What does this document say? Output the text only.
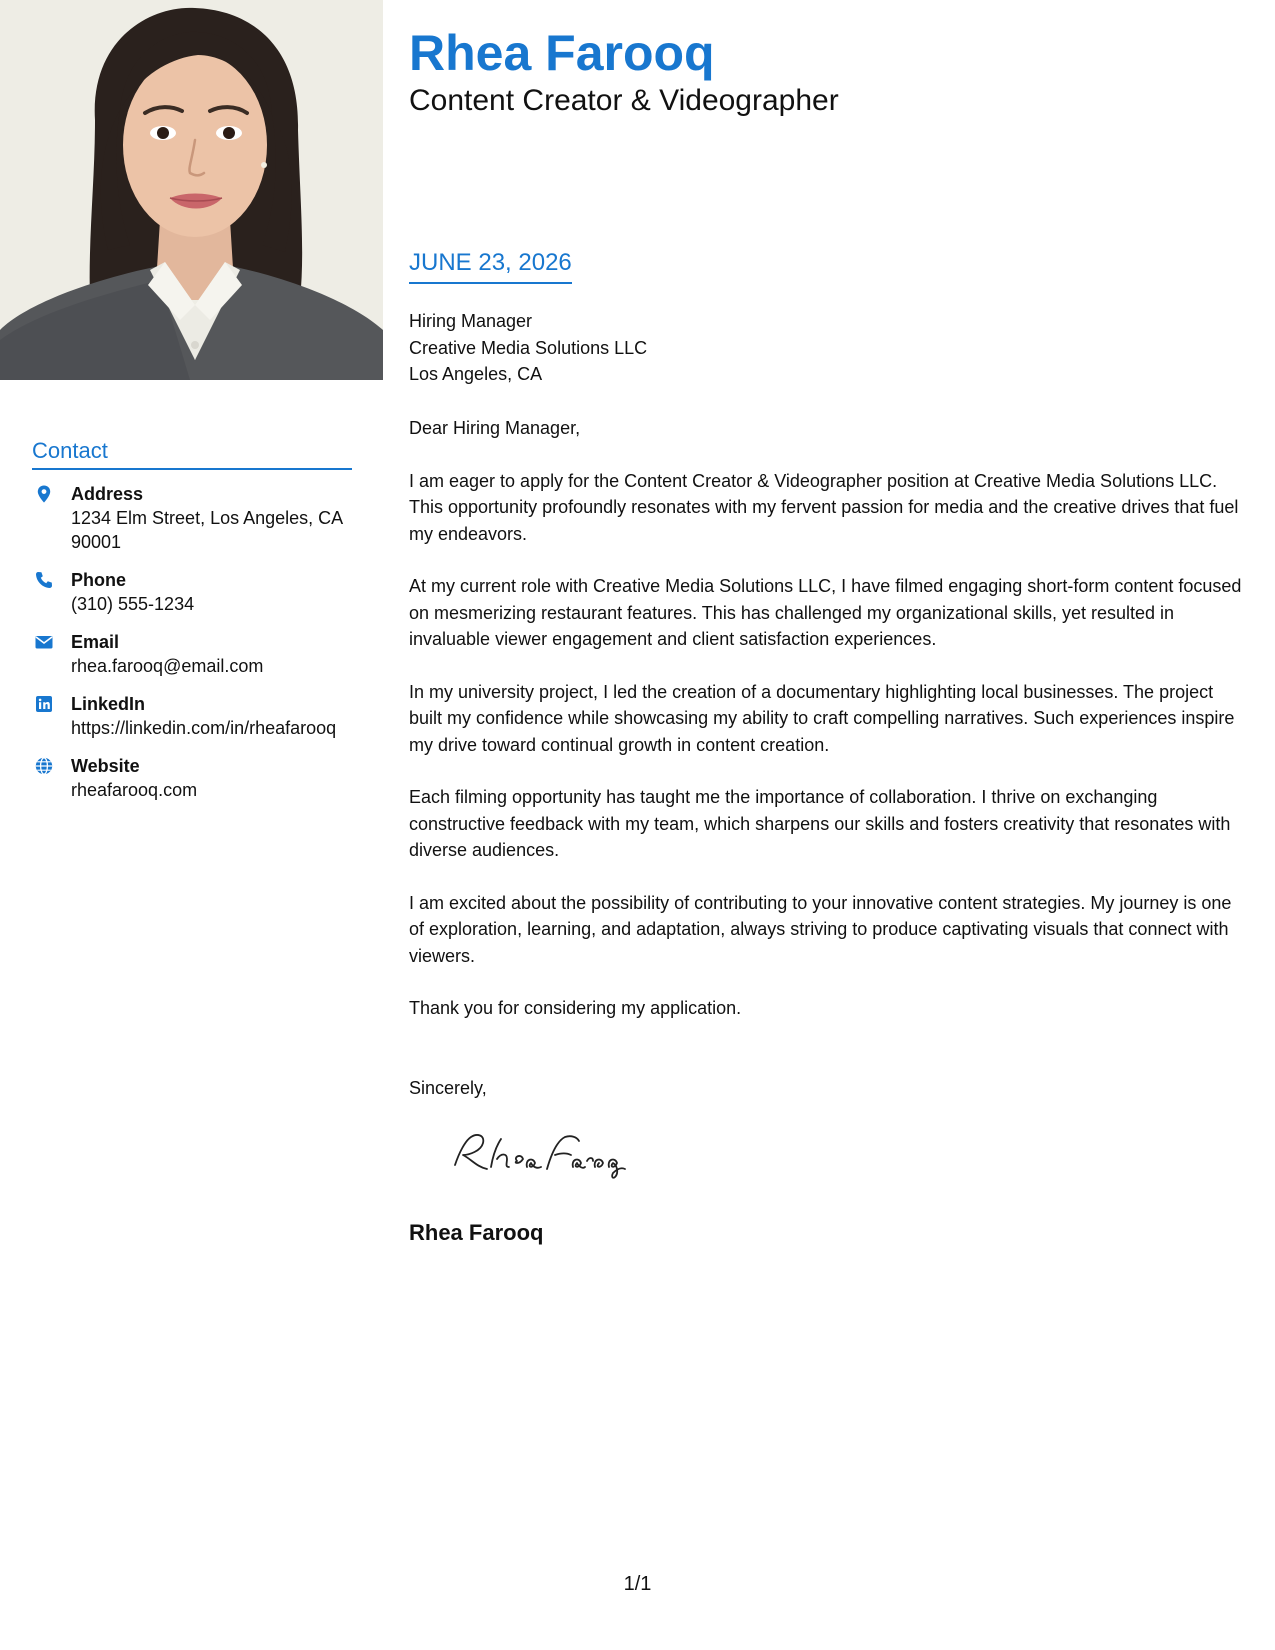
Contact
Address
1234 Elm Street, Los Angeles, CA 90001
Phone
(310) 555-1234
Email
rhea.farooq@email.com
LinkedIn
https://linkedin.com/in/rheafarooq
Website
rheafarooq.com
Rhea Farooq
Content Creator & Videographer
JUNE 23, 2026
Hiring Manager
Creative Media Solutions LLC
Los Angeles, CA

Dear Hiring Manager,

I am eager to apply for the Content Creator & Videographer position at Creative Media Solutions LLC. This opportunity profoundly resonates with my fervent passion for media and the creative drives that fuel my endeavors.

At my current role with Creative Media Solutions LLC, I have filmed engaging short-form content focused on mesmerizing restaurant features. This has challenged my organizational skills, yet resulted in invaluable viewer engagement and client satisfaction experiences.

In my university project, I led the creation of a documentary highlighting local businesses. The project built my confidence while showcasing my ability to craft compelling narratives. Such experiences inspire my drive toward continual growth in content creation.

Each filming opportunity has taught me the importance of collaboration. I thrive on exchanging constructive feedback with my team, which sharpens our skills and fosters creativity that resonates with diverse audiences.

I am excited about the possibility of contributing to your innovative content strategies. My journey is one of exploration, learning, and adaptation, always striving to produce captivating visuals that connect with viewers.

Thank you for considering my application.

Sincerely,
Rhea Farooq
1/1
